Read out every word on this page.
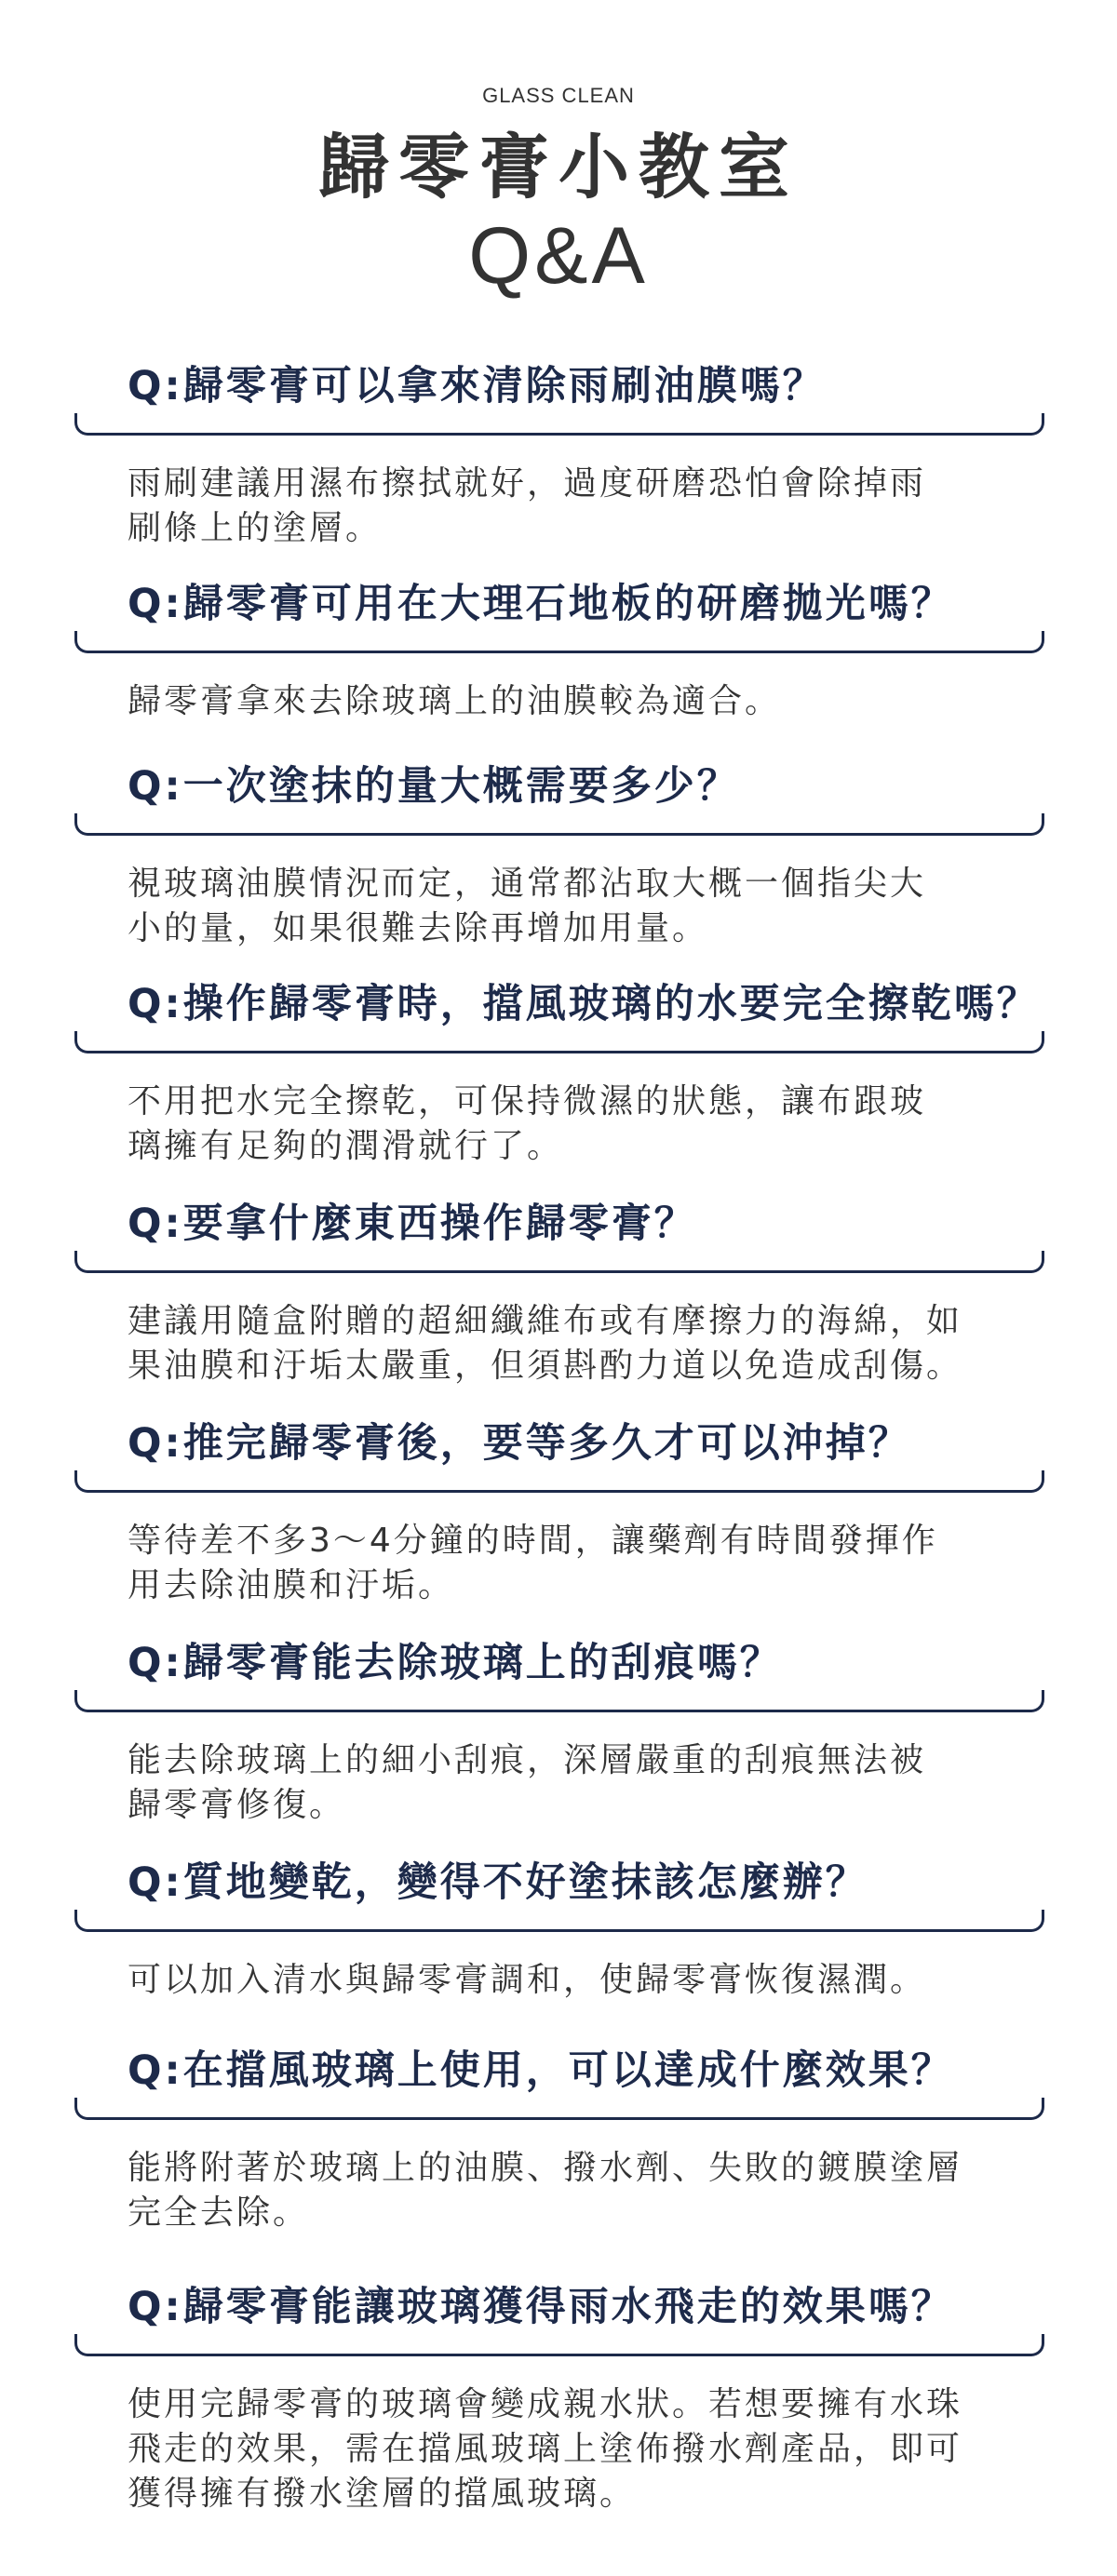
GLASS CLEAN
歸零膏小教室
Q&A
Q:歸零膏可以拿來清除雨刷油膜嗎？
雨刷建議用濕布擦拭就好，過度研磨恐怕會除掉雨
刷條上的塗層。
Q:歸零膏可用在大理石地板的研磨拋光嗎？
歸零膏拿來去除玻璃上的油膜較為適合。
Q:一次塗抹的量大概需要多少？
視玻璃油膜情況而定，通常都沾取大概一個指尖大
小的量，如果很難去除再增加用量。
Q:操作歸零膏時，擋風玻璃的水要完全擦乾嗎？
不用把水完全擦乾，可保持微濕的狀態，讓布跟玻
璃擁有足夠的潤滑就行了。
Q:要拿什麼東西操作歸零膏？
建議用隨盒附贈的超細纖維布或有摩擦力的海綿，如
果油膜和汙垢太嚴重，但須斟酌力道以免造成刮傷。
Q:推完歸零膏後，要等多久才可以沖掉？
等待差不多3～4分鐘的時間，讓藥劑有時間發揮作
用去除油膜和汙垢。
Q:歸零膏能去除玻璃上的刮痕嗎？
能去除玻璃上的細小刮痕，深層嚴重的刮痕無法被
歸零膏修復。
Q:質地變乾，變得不好塗抹該怎麼辦？
可以加入清水與歸零膏調和，使歸零膏恢復濕潤。
Q:在擋風玻璃上使用，可以達成什麼效果？
能將附著於玻璃上的油膜、撥水劑、失敗的鍍膜塗層
完全去除。
Q:歸零膏能讓玻璃獲得雨水飛走的效果嗎？
使用完歸零膏的玻璃會變成親水狀。若想要擁有水珠
飛走的效果，需在擋風玻璃上塗佈撥水劑產品，即可
獲得擁有撥水塗層的擋風玻璃。
